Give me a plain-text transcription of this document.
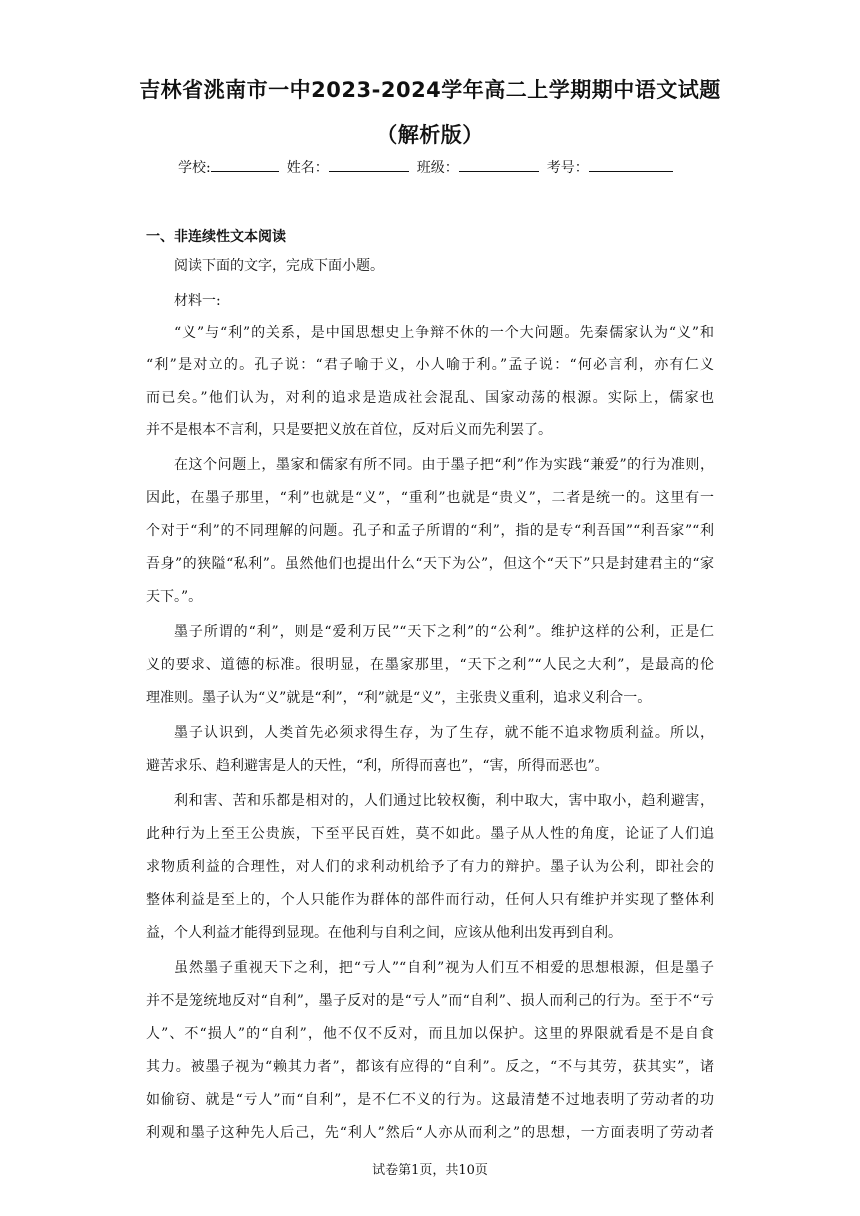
吉林省洮南市一中2023-2024学年高二上学期期中语文试题
（解析版）
学校:	姓名：	班级：	考号：
一、非连续性文本阅读
阅读下面的文字，完成下面小题。
材料一:
“义”与“利”的关系，是中国思想史上争辩不休的一个大问题。先秦儒家认为“义”和
“利”是对立的。孔子说：“君子喻于义，小人喻于利。”孟子说：“何必言利，亦有仁义
而已矣。”他们认为，对利的追求是造成社会混乱、国家动荡的根源。实际上，儒家也
并不是根本不言利，只是要把义放在首位，反对后义而先利罢了。
在这个问题上，墨家和儒家有所不同。由于墨子把“利”作为实践“兼爱”的行为准则，
因此，在墨子那里，“利”也就是“义”，“重利”也就是“贵义”，二者是统一的。这里有一
个对于“利”的不同理解的问题。孔子和孟子所谓的“利”，指的是专“利吾国”“利吾家”“利
吾身”的狭隘“私利”。虽然他们也提出什么“天下为公”，但这个“天下”只是封建君主的“家
天下。”。
墨子所谓的“利”，则是“爱利万民”“天下之利”的“公利”。维护这样的公利，正是仁
义的要求、道德的标准。很明显，在墨家那里，“天下之利”“人民之大利”，是最高的伦
理准则。墨子认为“义”就是“利”，“利”就是“义”，主张贵义重利，追求义利合一。
墨子认识到，人类首先必须求得生存，为了生存，就不能不追求物质利益。所以，
避苦求乐、趋利避害是人的天性，“利，所得而喜也”，“害，所得而恶也”。
利和害、苦和乐都是相对的，人们通过比较权衡，利中取大，害中取小，趋利避害，
此种行为上至王公贵族，下至平民百姓，莫不如此。墨子从人性的角度，论证了人们追
求物质利益的合理性，对人们的求利动机给予了有力的辩护。墨子认为公利，即社会的
整体利益是至上的，个人只能作为群体的部件而行动，任何人只有维护并实现了整体利
益，个人利益才能得到显现。在他利与自利之间，应该从他利出发再到自利。
虽然墨子重视天下之利，把“亏人”“自利”视为人们互不相爱的思想根源，但是墨子
并不是笼统地反对“自利”，墨子反对的是“亏人”而“自利”、损人而利己的行为。至于不“亏
人”、不“损人”的“自利”，他不仅不反对，而且加以保护。这里的界限就看是不是自食
其力。被墨子视为“赖其力者”，都该有应得的“自利”。反之，“不与其劳，获其实”，诸
如偷窃、就是“亏人”而“自利”，是不仁不义的行为。这最清楚不过地表明了劳动者的功
利观和墨子这种先人后己，先“利人”然后“人亦从而利之”的思想，一方面表明了劳动者
试卷第1页，共10页
